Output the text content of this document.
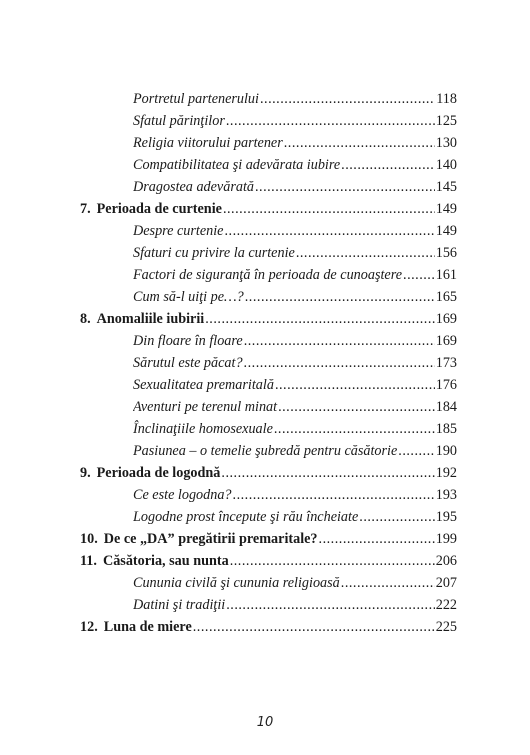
Portretul partenerului .....	118
Sfatul părinţilor .....	125
Religia viitorului partener .....	130
Compatibilitatea şi adevărata iubire .....	140
Dragostea adevărată .....	145
7. Perioada de curtenie .....	149
Despre curtenie .....	149
Sfaturi cu privire la curtenie .....	156
Factori de siguranţă în perioada de cunoaştere ..... 161
Cum să-l uiţi pe…? .....	165
8. Anomaliile iubirii .....	169
Din floare în floare .....	169
Sărutul este păcat? .....	173
Sexualitatea premaritală .....	176
Aventuri pe terenul minat .....	184
Înclinaţiile homosexuale .....	185
Pasiunea – o temelie şubredă pentru căsătorie .....	190
9. Perioada de logodnă .....	192
Ce este logodna? .....	193
Logodne prost începute şi rău încheiate .....	195
10. De ce „DA” pregătirii premaritale? .....	199
11. Căsătoria, sau nunta .....	206
Cununia civilă şi cununia religioasă .....	207
Datini şi tradiţii .....	222
12. Luna de miere .....	225
10
